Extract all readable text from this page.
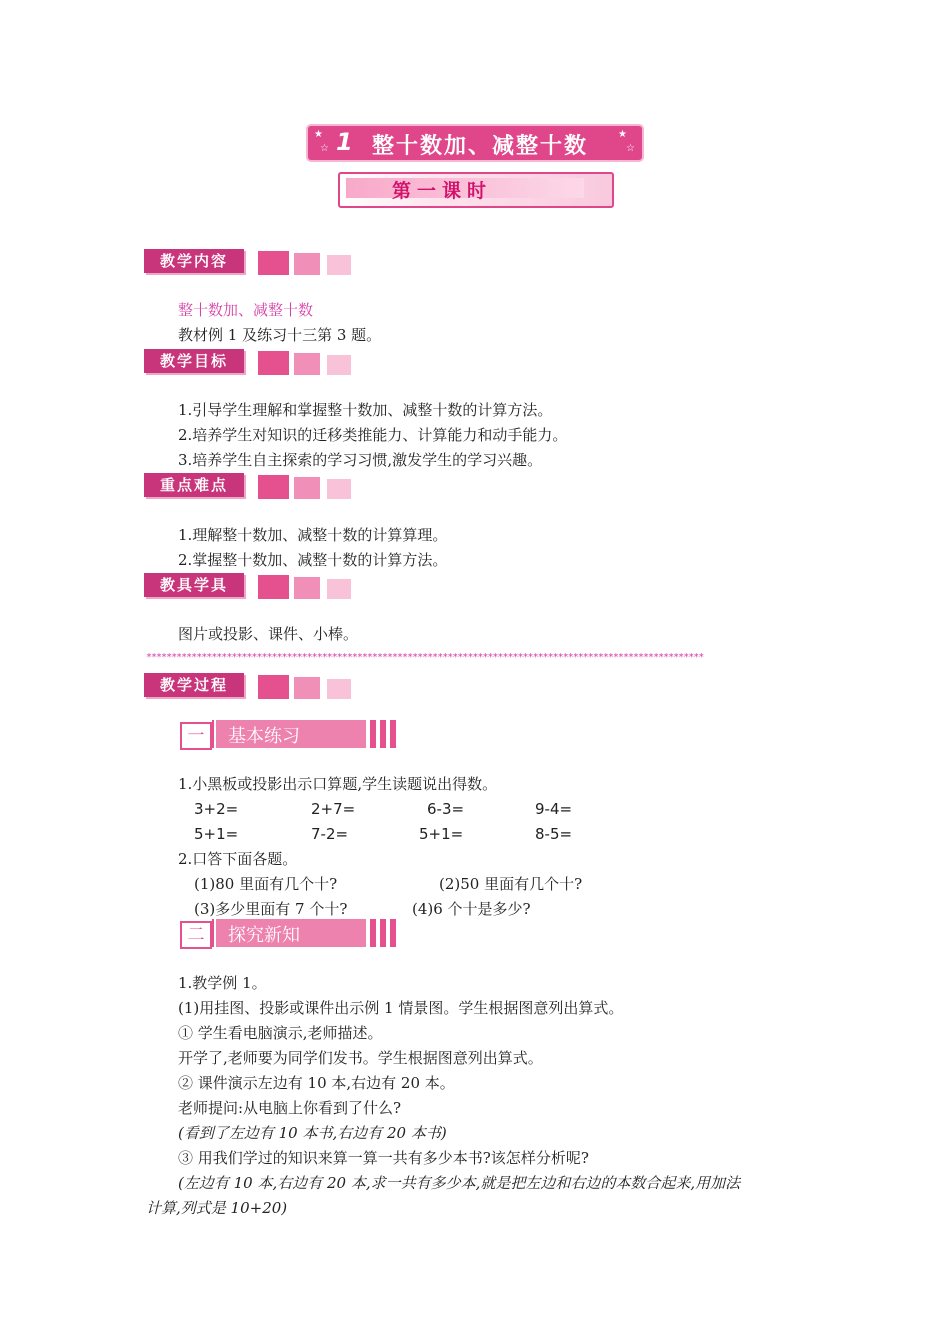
★
☆
★
☆
1 整十数加、减整十数
第一课时
教学内容
整十数加、减整十数
教材例 1 及练习十三第 3 题。
教学目标
1.引导学生理解和掌握整十数加、减整十数的计算方法。
2.培养学生对知识的迁移类推能力、计算能力和动手能力。
3.培养学生自主探索的学习习惯,激发学生的学习兴趣。
重点难点
1.理解整十数加、减整十数的计算算理。
2.掌握整十数加、减整十数的计算方法。
教具学具
图片或投影、课件、小棒。
***************************************************************************************************************
教学过程
一	基本练习
1.小黑板或投影出示口算题,学生读题说出得数。
3+2=	2+7=	6-3=	9-4=
5+1=	7-2=	5+1=	8-5=
2.口答下面各题。
(1)80 里面有几个十?	(2)50 里面有几个十?
(3)多少里面有 7 个十?	(4)6 个十是多少?
二	探究新知
1.教学例 1。
(1)用挂图、投影或课件出示例 1 情景图。学生根据图意列出算式。
① 学生看电脑演示,老师描述。
开学了,老师要为同学们发书。学生根据图意列出算式。
② 课件演示左边有 10 本,右边有 20 本。
老师提问:从电脑上你看到了什么?
(看到了左边有 10 本书,右边有 20 本书)
③ 用我们学过的知识来算一算一共有多少本书?该怎样分析呢?
(左边有 10 本,右边有 20 本,求一共有多少本,就是把左边和右边的本数合起来,用加法
计算,列式是 10+20)
